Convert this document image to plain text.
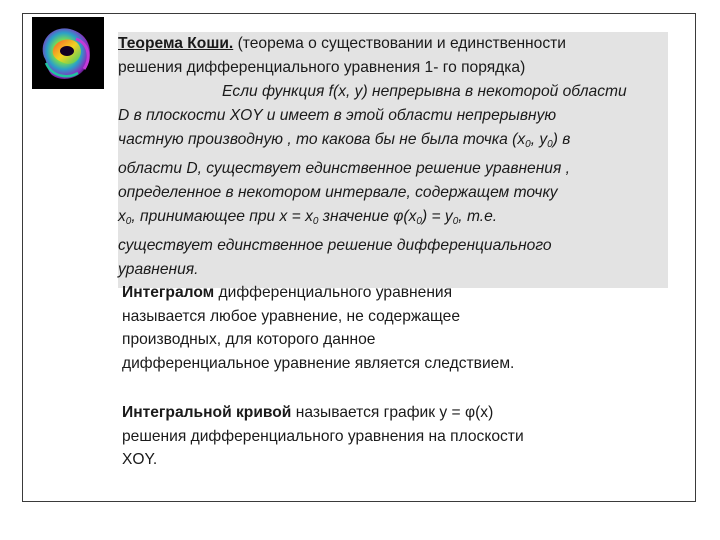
Теорема Коши. (теорема о существовании и единственности
решения дифференциального уравнения 1- го порядка)
Если функция f(x, y) непрерывна в некоторой области
D в плоскости XOY и имеет в этой области непрерывную
частную производную , то какова бы не была точка ($x_0$, $y_0$) в
области D, существует единственное решение уравнения ,
определенное в некотором интервале, содержащем точку
$x_0$, принимающее при $x = x_0$ значение $\varphi(x_0) = y_0$, т.е.
существует единственное решение дифференциального
уравнения.
Интегралом дифференциального уравнения
называется любое уравнение, не содержащее
производных, для которого данное
дифференциальное уравнение является следствием.
Интегральной кривой называется график y = φ(x)
решения дифференциального уравнения на плоскости
XOY.
